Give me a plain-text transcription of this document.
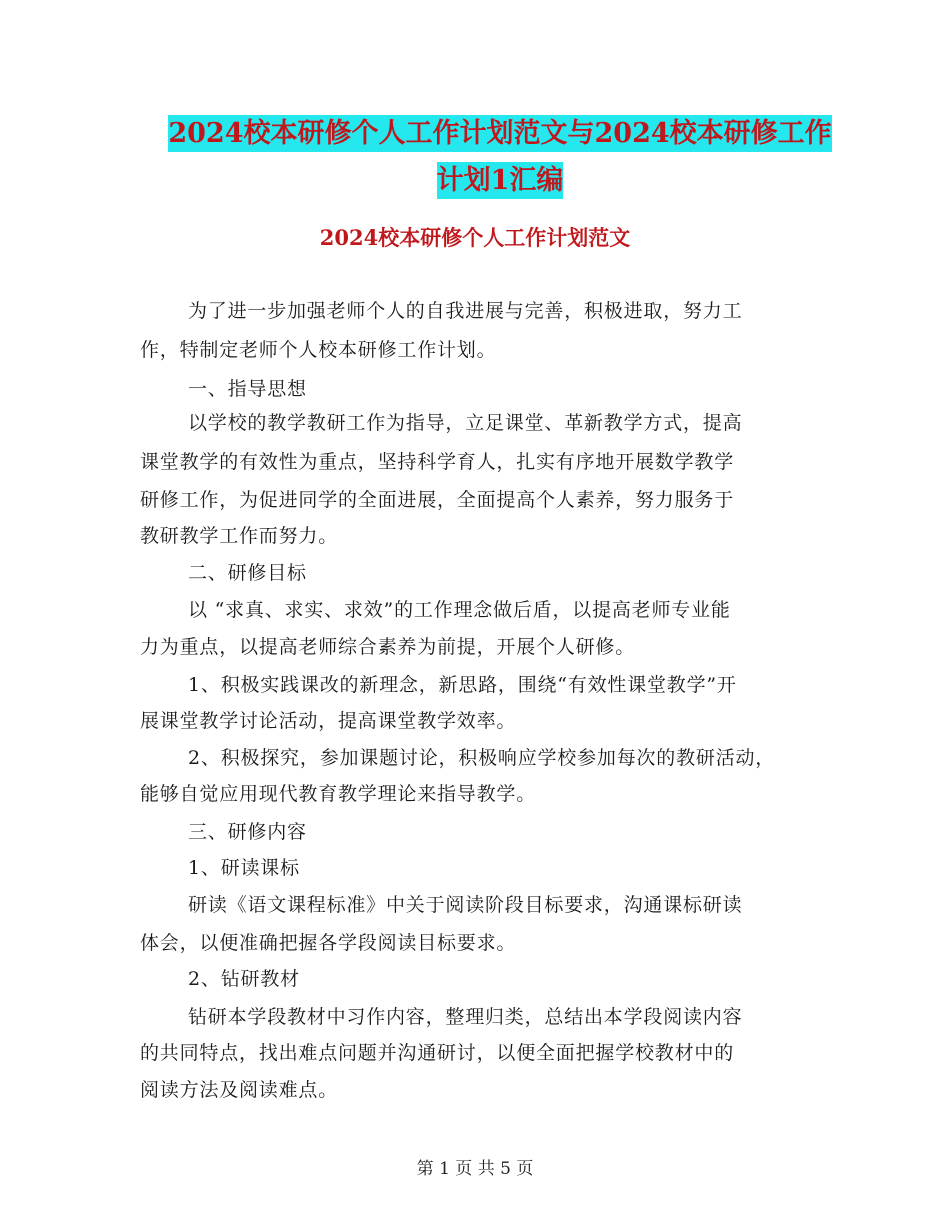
2024校本研修个人工作计划范文与2024校本研修工作
计划1汇编
2024校本研修个人工作计划范文
为了进一步加强老师个人的自我进展与完善，积极进取，努力工
作，特制定老师个人校本研修工作计划。
一、指导思想
以学校的教学教研工作为指导，立足课堂、革新教学方式，提高
课堂教学的有效性为重点，坚持科学育人，扎实有序地开展数学教学
研修工作，为促进同学的全面进展，全面提高个人素养，努力服务于
教研教学工作而努力。
二、研修目标
以 “求真、求实、求效”的工作理念做后盾，以提高老师专业能
力为重点，以提高老师综合素养为前提，开展个人研修。
1、积极实践课改的新理念，新思路，围绕“有效性课堂教学”开
展课堂教学讨论活动，提高课堂教学效率。
2、积极探究，参加课题讨论，积极响应学校参加每次的教研活动，
能够自觉应用现代教育教学理论来指导教学。
三、研修内容
1、研读课标
研读《语文课程标准》中关于阅读阶段目标要求，沟通课标研读
体会，以便准确把握各学段阅读目标要求。
2、钻研教材
钻研本学段教材中习作内容，整理归类，总结出本学段阅读内容
的共同特点，找出难点问题并沟通研讨，以便全面把握学校教材中的
阅读方法及阅读难点。
第 1 页 共 5 页
